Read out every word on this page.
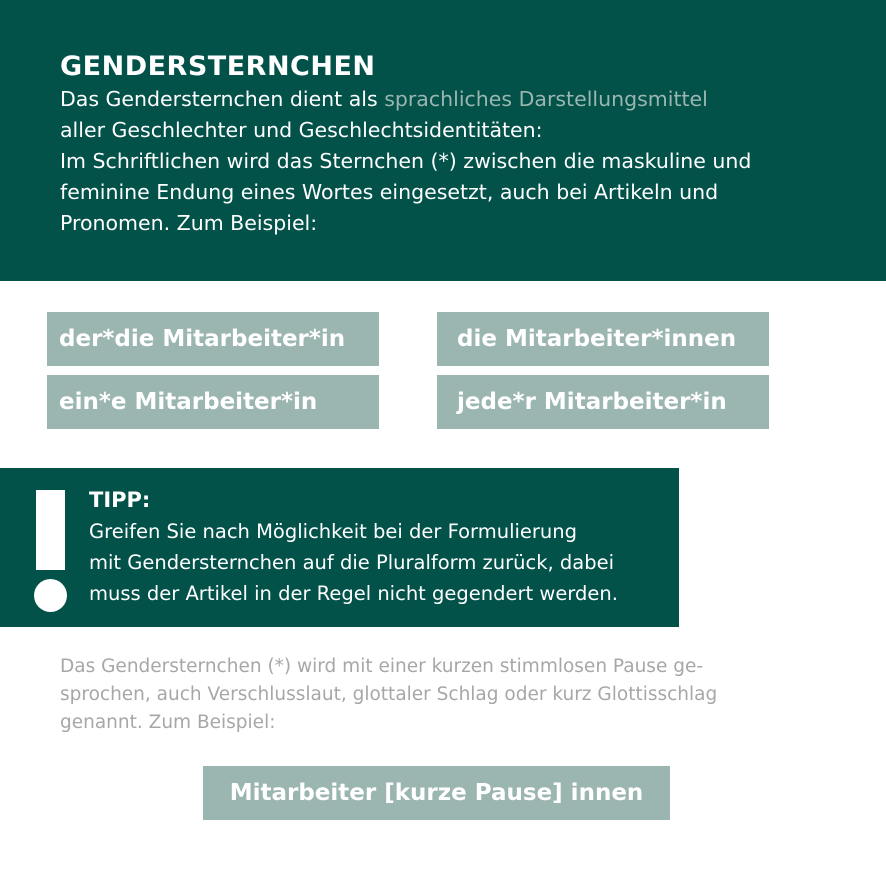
GENDERSTERNCHEN
Das Gendersternchen dient als sprachliches Darstellungsmittel
aller Geschlechter und Geschlechtsidentitäten:
Im Schriftlichen wird das Sternchen (*) zwischen die maskuline und
feminine Endung eines Wortes eingesetzt, auch bei Artikeln und
Pronomen. Zum Beispiel:
der*die Mitarbeiter*in	die Mitarbeiter*innen
ein*e Mitarbeiter*in	jede*r Mitarbeiter*in
TIPP:
Greifen Sie nach Möglichkeit bei der Formulierung
mit Gendersternchen auf die Pluralform zurück, dabei
muss der Artikel in der Regel nicht gegendert werden.
Das Gendersternchen (*) wird mit einer kurzen stimmlosen Pause ge-
sprochen, auch Verschlusslaut, glottaler Schlag oder kurz Glottisschlag
genannt. Zum Beispiel:
Mitarbeiter [kurze Pause] innen
